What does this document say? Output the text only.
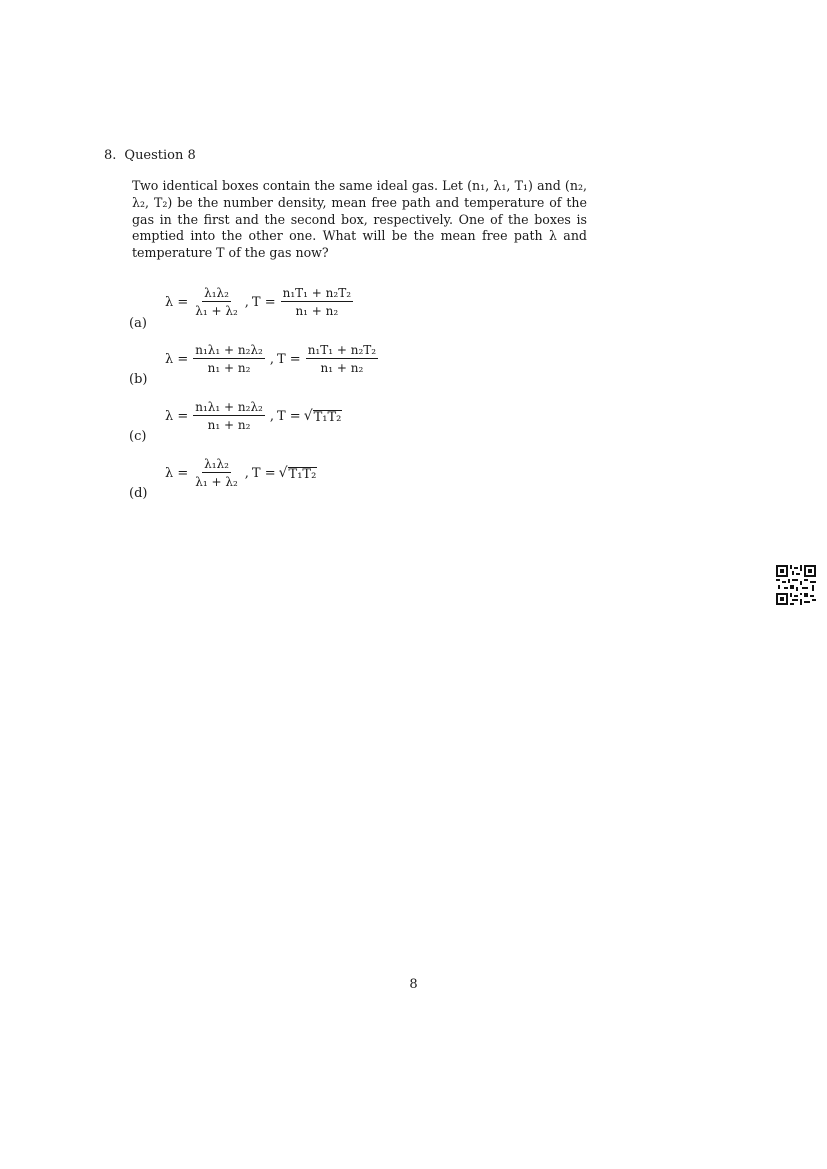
8. Question 8
Two identical boxes contain the same ideal gas. Let (n₁, λ₁, T₁) and (n₂, λ₂, T₂) be the number density, mean free path and temperature of the gas in the first and the second box, respectively. One of the boxes is emptied into the other one. What will be the mean free path λ and temperature T of the gas now?
$\lambda = \frac{\text{λ₁λ₂}}{\text{λ₁ + λ₂}}$ , $T = \frac{\text{n₁T₁ + n₂T₂}}{\text{n₁ + n₂}}$
(a)
$\lambda = \frac{\text{n₁λ₁ + n₂λ₂}}{\text{n₁ + n₂}}$ , $T = \frac{\text{n₁T₁ + n₂T₂}}{\text{n₁ + n₂}}$
(b)
$\lambda = \frac{\text{n₁λ₁ + n₂λ₂}}{\text{n₁ + n₂}}$ , T = √ T₁T₂
(c)
$\lambda = \frac{\text{λ₁λ₂}}{\text{λ₁ + λ₂}}$ , T = √ T₁T₂
(d)
8
